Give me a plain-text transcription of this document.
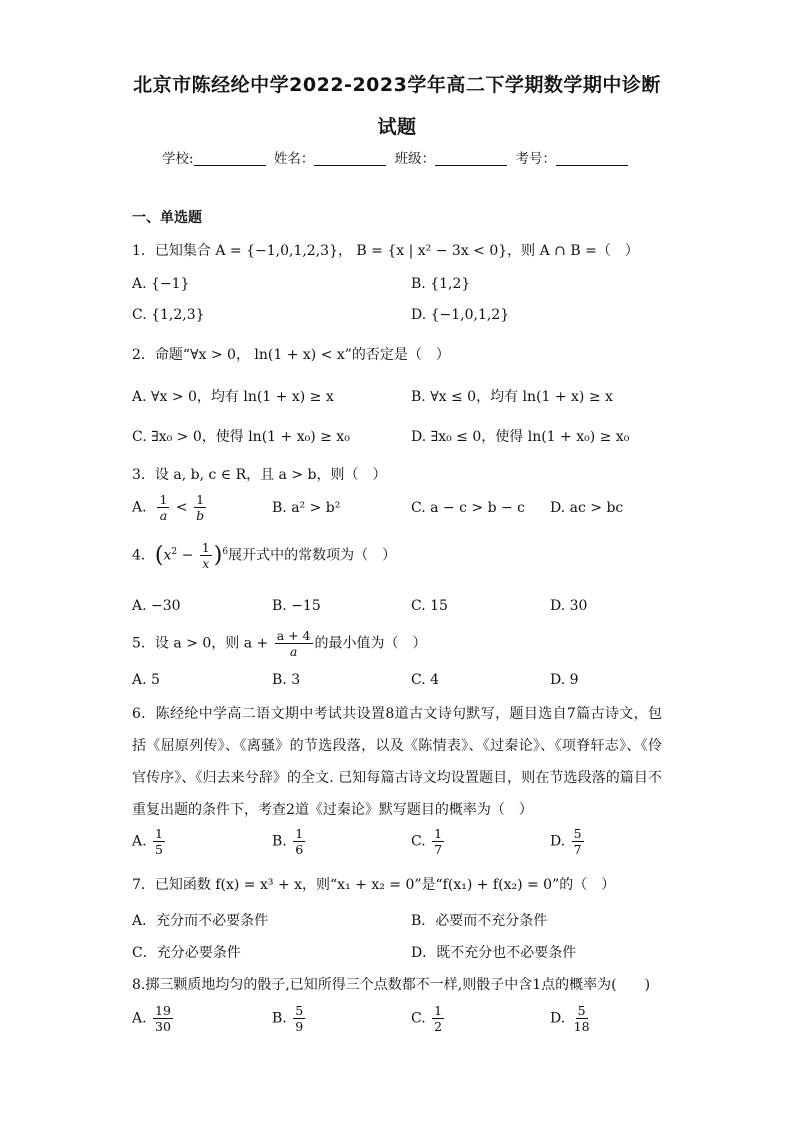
北京市陈经纶中学2022-2023学年高二下学期数学期中诊断
试题
学校:	姓名：	班级：	考号：
一、单选题
1．已知集合 A = {−1,0,1,2,3}， B = {x | x² − 3x < 0}，则 A ∩ B =（　）
A. {−1}	B. {1,2}
C. {1,2,3}	D. {−1,0,1,2}
2．命题“∀x > 0， ln(1 + x) < x”的否定是（　）
A. ∀x > 0，均有 ln(1 + x) ≥ x	B. ∀x ≤ 0，均有 ln(1 + x) ≥ x
C. ∃x₀ > 0，使得 ln(1 + x₀) ≥ x₀	D. ∃x₀ ≤ 0，使得 ln(1 + x₀) ≥ x₀
3．设 a, b, c ∈ R，且 a > b，则（　）
A. $\frac{1}{a} < \frac{1}{b}$	B. a² > b²	C. a − c > b − c D. ac > bc
4．$(x^2 - \frac{1}{x} )^6$展开式中的常数项为（　）
A. −30	B. −15	C. 15	D. 30
5．设 a > 0，则 $a + \frac{a + 4}{a}$ 的最小值为（　）
A. 5	B. 3	C. 4	D. 9
6．陈经纶中学高二语文期中考试共设置8道古文诗句默写，题目选自7篇古诗文，包括《屈原列传》、《离骚》的节选段落，以及《陈情表》、《过秦论》、《项脊轩志》、《伶官传序》、《归去来兮辞》的全文. 已知每篇古诗文均设置题目，则在节选段落的篇目不重复出题的条件下，考查2道《过秦论》默写题目的概率为（　）
A. $\frac{1}{5}$	B. $\frac{1}{6}$	C. $\frac{1}{7}$	D. $\frac{5}{7}$
7．已知函数 f(x) = x³ + x，则“x₁ + x₂ = 0”是“f(x₁) + f(x₂) = 0”的（　）
A．充分而不必要条件	B．必要而不充分条件
C．充分必要条件	D．既不充分也不必要条件
8.掷三颗质地均匀的骰子,已知所得三个点数都不一样,则骰子中含1点的概率为(　　)
A. $\frac{19}{30}$	B. $\frac{5}{9}$	C. $\frac{1}{2}$	D. $\frac{5}{18}$
